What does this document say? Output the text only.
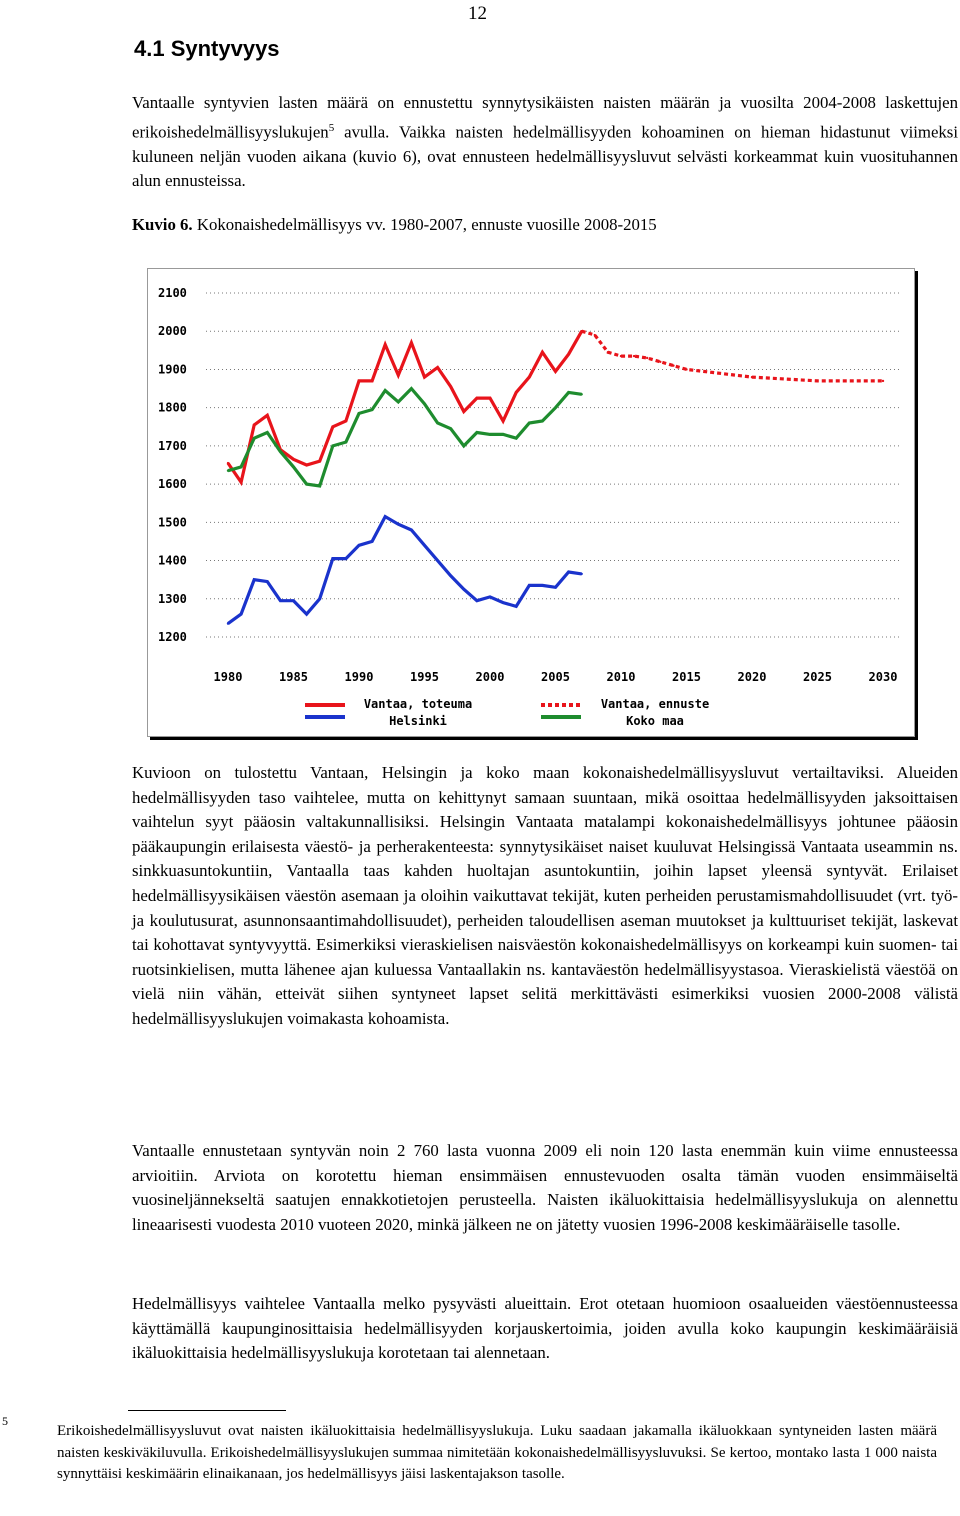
12
4.1 Syntyvyys

Vantaalle syntyvien lasten määrä on ennustettu synnytysikäisten naisten määrän ja vuosilta 2004-2008 laskettujen erikoishedelmällisyyslukujen$^5$ avulla. Vaikka naisten hedelmällisyyden kohoaminen on hieman hidastunut viimeksi kuluneen neljän vuoden aikana (kuvio 6), ovat ennusteen hedelmällisyysluvut selvästi korkeammat kuin vuosituhannen alun ennusteissa.

Kuvio 6. Kokonaishedelmällisyys vv. 1980-2007, ennuste vuosille 2008-2015
2100
2000
1900
1800
1700
1600
1500
1400
1300
1200
1980	1985	1990	1995	2000	2005	2010	2015	2020	2025	2030
Vantaa, toteuma	Vantaa, ennuste
Helsinki	Koko maa

Kuvioon on tulostettu Vantaan, Helsingin ja koko maan kokonaishedelmällisyysluvut vertailtaviksi. Alueiden hedelmällisyyden taso vaihtelee, mutta on kehittynyt samaan suuntaan, mikä osoittaa hedelmällisyyden jaksoittaisen vaihtelun syyt pääosin valtakunnallisiksi. Helsingin Vantaata matalampi kokonaishedelmällisyys johtunee pääosin pääkaupungin erilaisesta väestö- ja perherakenteesta: synnytysikäiset naiset kuuluvat Helsingissä Vantaata useammin ns. sinkkuasuntokuntiin, Vantaalla taas kahden huoltajan asuntokuntiin, joihin lapset yleensä syntyvät. Erilaiset hedelmällisyysikäisen väestön asemaan ja oloihin vaikuttavat tekijät, kuten perheiden perustamismahdollisuudet (vrt. työ- ja koulutusurat, asunnonsaantimahdollisuudet), perheiden taloudellisen aseman muutokset ja kulttuuriset tekijät, laskevat tai kohottavat syntyvyyttä. Esimerkiksi vieraskielisen naisväestön kokonaishedelmällisyys on korkeampi kuin suomen- tai ruotsinkielisen, mutta lähenee ajan kuluessa Vantaallakin ns. kantaväestön hedelmällisyystasoa. Vieraskielistä väestöä on vielä niin vähän, etteivät siihen syntyneet lapset selitä merkittävästi esimerkiksi vuosien 2000-2008 välistä hedelmällisyyslukujen voimakasta kohoamista.

Vantaalle ennustetaan syntyvän noin 2 760 lasta vuonna 2009 eli noin 120 lasta enemmän kuin viime ennusteessa arvioitiin. Arviota on korotettu hieman ensimmäisen ennustevuoden osalta tämän vuoden ensimmäiseltä vuosineljännekseltä saatujen ennakkotietojen perusteella. Naisten ikäluokittaisia hedelmällisyyslukuja on alennettu lineaarisesti vuodesta 2010 vuoteen 2020, minkä jälkeen ne on jätetty vuosien 1996-2008 keskimääräiselle tasolle.

Hedelmällisyys vaihtelee Vantaalla melko pysyvästi alueittain. Erot otetaan huomioon osaalueiden väestöennusteessa käyttämällä kaupunginosittaisia hedelmällisyyden korjauskertoimia, joiden avulla koko kaupungin keskimääräisiä ikäluokittaisia hedelmällisyyslukuja korotetaan tai alennetaan.

5

Erikoishedelmällisyysluvut ovat naisten ikäluokittaisia hedelmällisyyslukuja. Luku saadaan jakamalla ikäluokkaan syntyneiden lasten määrä naisten keskiväkiluvulla. Erikoishedelmällisyyslukujen summaa nimitetään kokonaishedelmällisyysluvuksi. Se kertoo, montako lasta 1 000 naista synnyttäisi keskimäärin elinaikanaan, jos hedelmällisyys jäisi laskentajakson tasolle.
